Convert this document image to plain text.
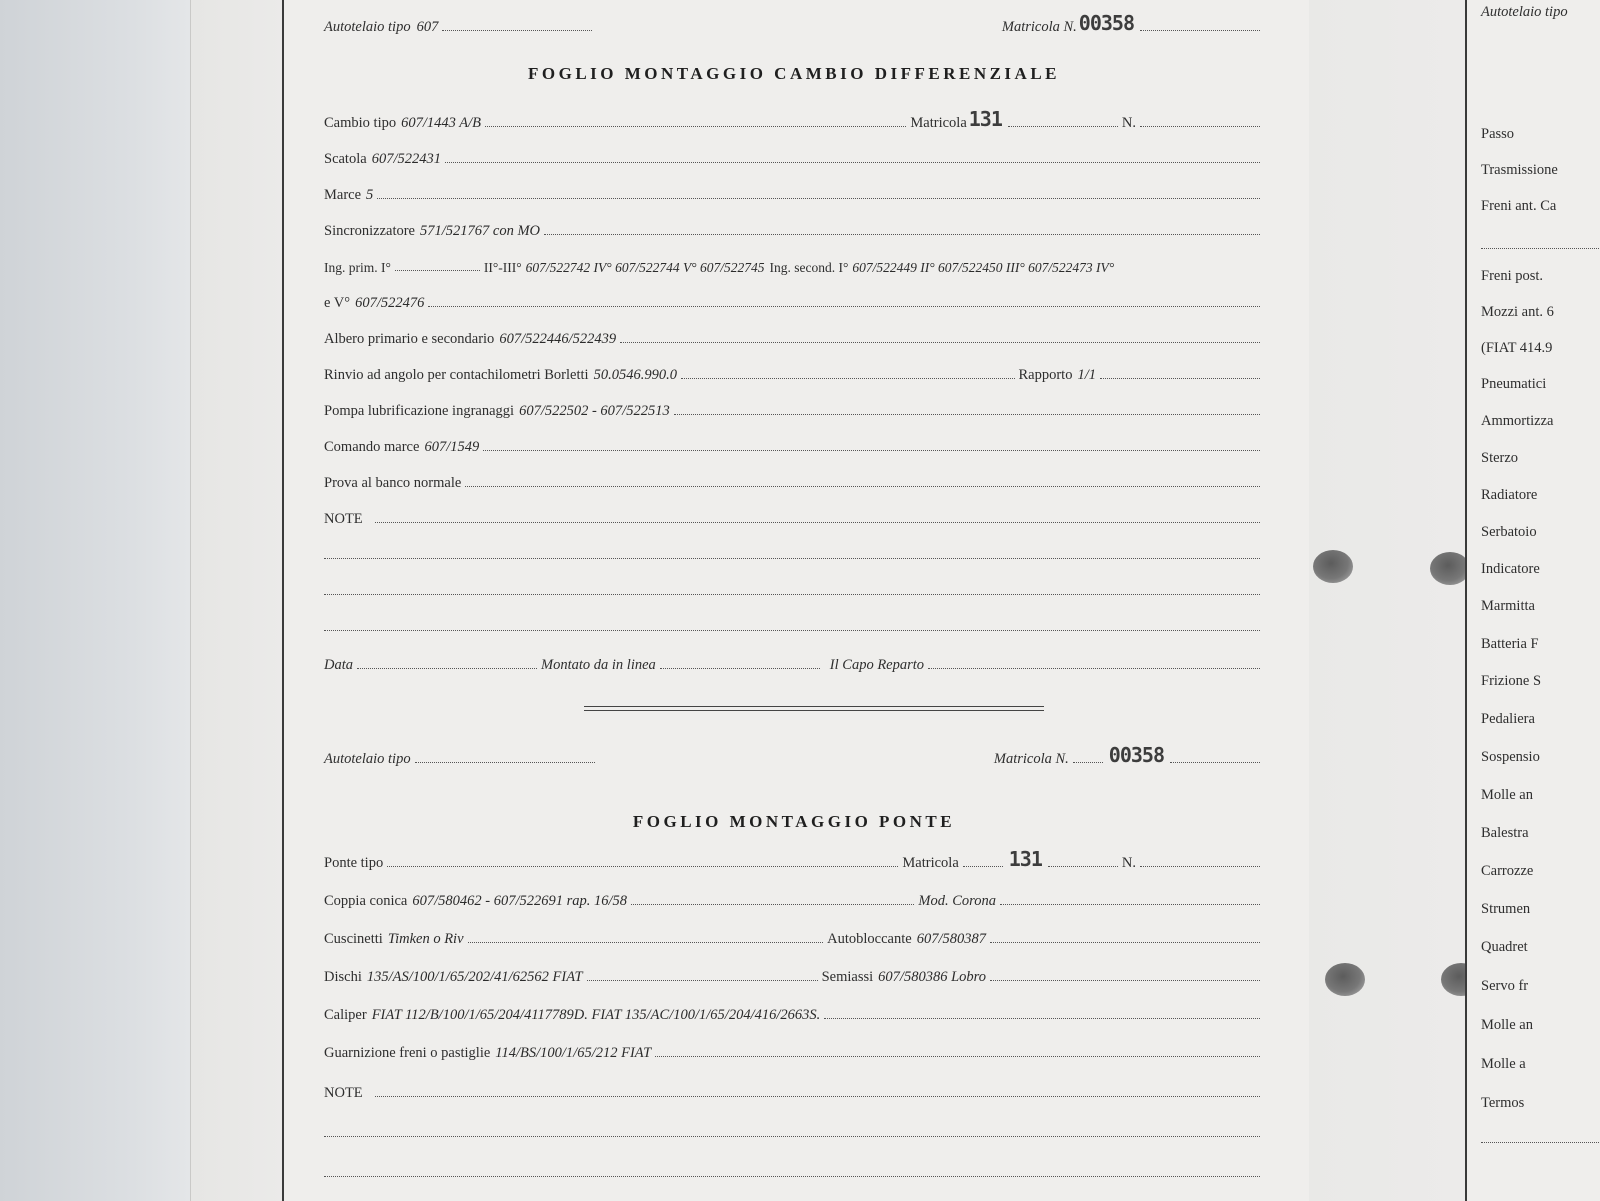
Autotelaio tipo 607	Matricola N. 00358
FOGLIO MONTAGGIO CAMBIO DIFFERENZIALE
Cambio tipo 607/1443 A/B	Matricola 131	N.
Scatola 607/522431
Marce 5
Sincronizzatore 571/521767 con MO
Ing. prim. I°	II°-III° 607/522742 IV° 607/522744 V° 607/522745 Ing. second. I° 607/522449 II° 607/522450 III° 607/522473 IV°
e V° 607/522476
Albero primario e secondario 607/522446/522439
Rinvio ad angolo per contachilometri Borletti 50.0546.990.0	Rapporto 1/1
Pompa lubrificazione ingranaggi 607/522502 - 607/522513
Comando marce 607/1549
Prova al banco normale
NOTE
Data	Montato da in linea	Il Capo Reparto
Autotelaio tipo	Matricola N. 00358
FOGLIO MONTAGGIO PONTE
Ponte tipo	Matricola	131	N.
Coppia conica 607/580462 - 607/522691 rap. 16/58	Mod. Corona
Cuscinetti Timken o Riv	Autobloccante 607/580387
Dischi 135/AS/100/1/65/202/41/62562 FIAT	Semiassi 607/580386 Lobro
Caliper FIAT 112/B/100/1/65/204/4117789D. FIAT 135/AC/100/1/65/204/416/2663S.
Guarnizione freni o pastiglie 114/BS/100/1/65/212 FIAT
NOTE
Autotelaio tipo
Passo
Trasmissione
Freni ant. Ca
Freni post.
Mozzi ant. 6
(FIAT 414.9
Pneumatici
Ammortizza
Sterzo
Radiatore
Serbatoio
Indicatore
Marmitta
Batteria F
Frizione S
Pedaliera
Sospensio
Molle an
Balestra
Carrozze
Strumen
Quadret
Servo fr
Molle an
Molle a
Termos
